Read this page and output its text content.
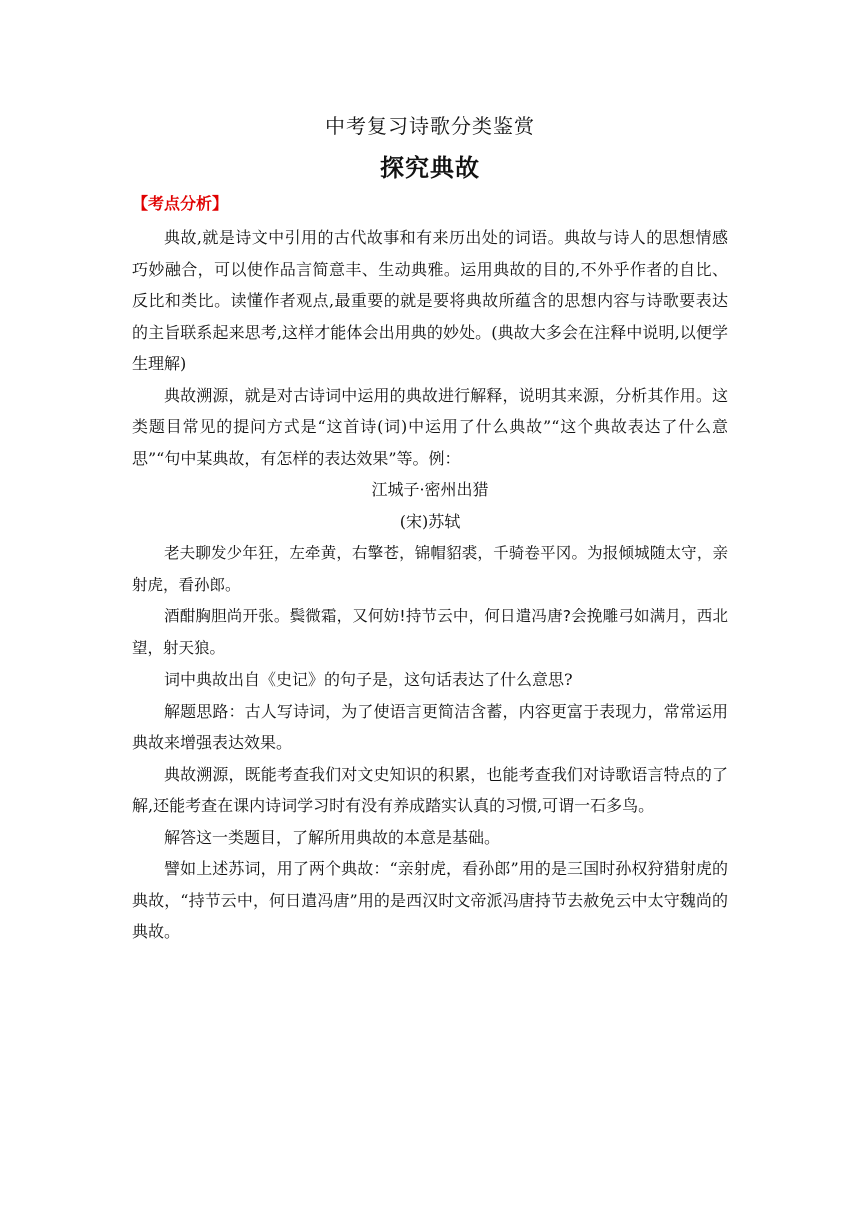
中考复习诗歌分类鉴赏
探究典故
【考点分析】

典故,就是诗文中引用的古代故事和有来历出处的词语。典故与诗人的思想情感巧妙融合，可以使作品言简意丰、生动典雅。运用典故的目的,不外乎作者的自比、反比和类比。读懂作者观点,最重要的就是要将典故所蕴含的思想内容与诗歌要表达的主旨联系起来思考,这样才能体会出用典的妙处。(典故大多会在注释中说明,以便学生理解)

典故溯源，就是对古诗词中运用的典故进行解释，说明其来源，分析其作用。这类题目常见的提问方式是“这首诗(词)中运用了什么典故”“这个典故表达了什么意思”“句中某典故，有怎样的表达效果”等。例：

江城子·密州出猎

(宋)苏轼

老夫聊发少年狂，左牵黄，右擎苍，锦帽貂裘，千骑卷平冈。为报倾城随太守，亲射虎，看孙郎。

酒酣胸胆尚开张。鬓微霜，又何妨!持节云中，何日遣冯唐?会挽雕弓如满月，西北望，射天狼。

词中典故出自《史记》的句子是，这句话表达了什么意思?

解题思路：古人写诗词，为了使语言更简洁含蓄，内容更富于表现力，常常运用典故来增强表达效果。

典故溯源，既能考查我们对文史知识的积累，也能考查我们对诗歌语言特点的了解,还能考查在课内诗词学习时有没有养成踏实认真的习惯,可谓一石多鸟。

解答这一类题目，了解所用典故的本意是基础。

譬如上述苏词，用了两个典故：“亲射虎，看孙郎”用的是三国时孙权狩猎射虎的典故，“持节云中，何日遣冯唐”用的是西汉时文帝派冯唐持节去赦免云中太守魏尚的典故。
